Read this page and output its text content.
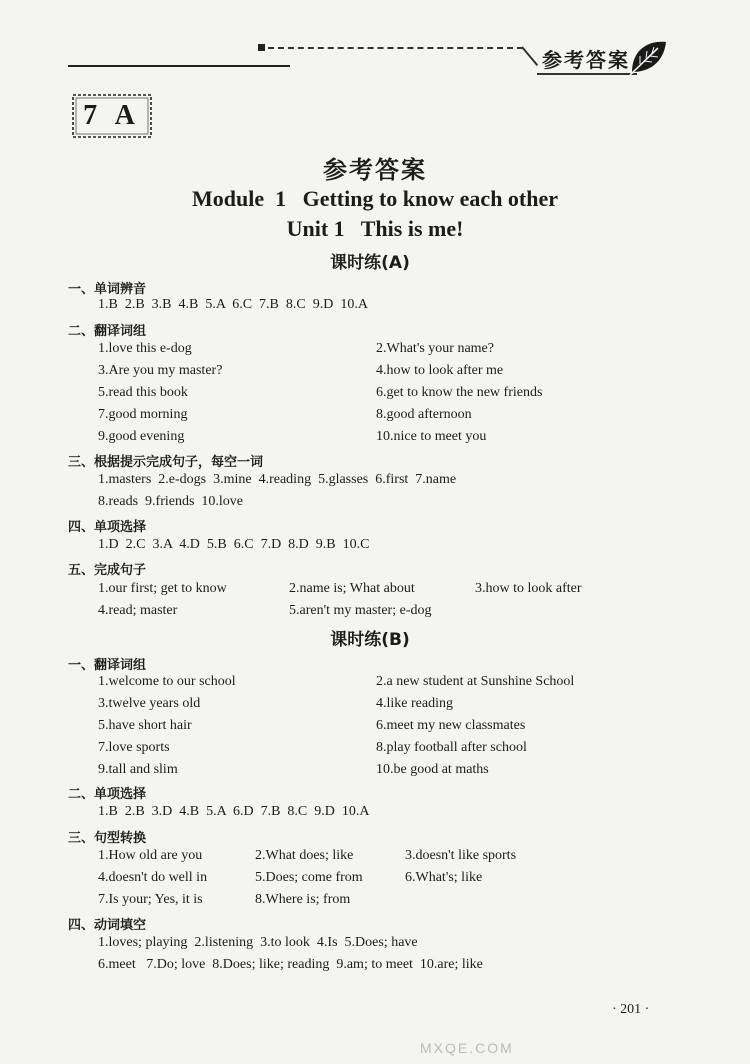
参考答案
7 A
参考答案
Module  1   Getting to know each other
Unit 1   This is me!
课时练(A)
一、单词辨音
1.B  2.B  3.B  4.B  5.A  6.C  7.B  8.C  9.D  10.A
二、翻译词组
1.love this e-dog	2.What's your name?
3.Are you my master?	4.how to look after me
5.read this book	6.get to know the new friends
7.good morning	8.good afternoon
9.good evening	10.nice to meet you
三、根据提示完成句子，每空一词
1.masters  2.e-dogs  3.mine  4.reading  5.glasses  6.first  7.name
8.reads  9.friends  10.love
四、单项选择
1.D  2.C  3.A  4.D  5.B  6.C  7.D  8.D  9.B  10.C
五、完成句子
1.our first; get to know	2.name is; What about	3.how to look after
4.read; master	5.aren't my master; e-dog
课时练(B)
一、翻译词组
1.welcome to our school	2.a new student at Sunshine School
3.twelve years old	4.like reading
5.have short hair	6.meet my new classmates
7.love sports	8.play football after school
9.tall and slim	10.be good at maths
二、单项选择
1.B  2.B  3.D  4.B  5.A  6.D  7.B  8.C  9.D  10.A
三、句型转换
1.How old are you	2.What does; like	3.doesn't like sports
4.doesn't do well in	5.Does; come from	6.What's; like
7.Is your; Yes, it is	8.Where is; from
四、动词填空
1.loves; playing  2.listening  3.to look  4.Is  5.Does; have
6.meet   7.Do; love  8.Does; like; reading  9.am; to meet  10.are; like
· 201 ·
MXQE.COM
